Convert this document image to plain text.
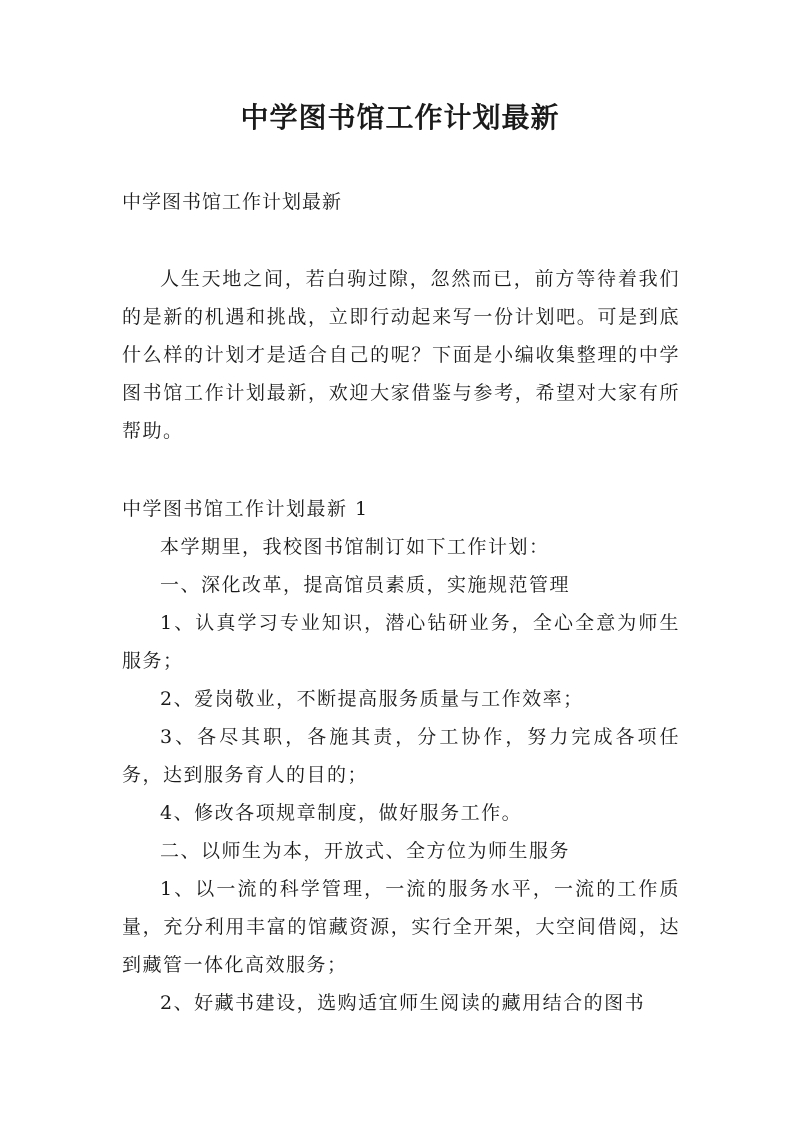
中学图书馆工作计划最新
中学图书馆工作计划最新

人生天地之间，若白驹过隙，忽然而已，前方等待着我们的是新的机遇和挑战，立即行动起来写一份计划吧。可是到底什么样的计划才是适合自己的呢？下面是小编收集整理的中学图书馆工作计划最新，欢迎大家借鉴与参考，希望对大家有所帮助。

中学图书馆工作计划最新 1

本学期里，我校图书馆制订如下工作计划：

一、深化改革，提高馆员素质，实施规范管理

1、认真学习专业知识，潜心钻研业务，全心全意为师生服务；

2、爱岗敬业，不断提高服务质量与工作效率；

3、各尽其职，各施其责，分工协作，努力完成各项任务，达到服务育人的目的；

4、修改各项规章制度，做好服务工作。

二、以师生为本，开放式、全方位为师生服务

1、以一流的科学管理，一流的服务水平，一流的工作质量，充分利用丰富的馆藏资源，实行全开架，大空间借阅，达到藏管一体化高效服务；

2、好藏书建设，选购适宜师生阅读的藏用结合的图书
